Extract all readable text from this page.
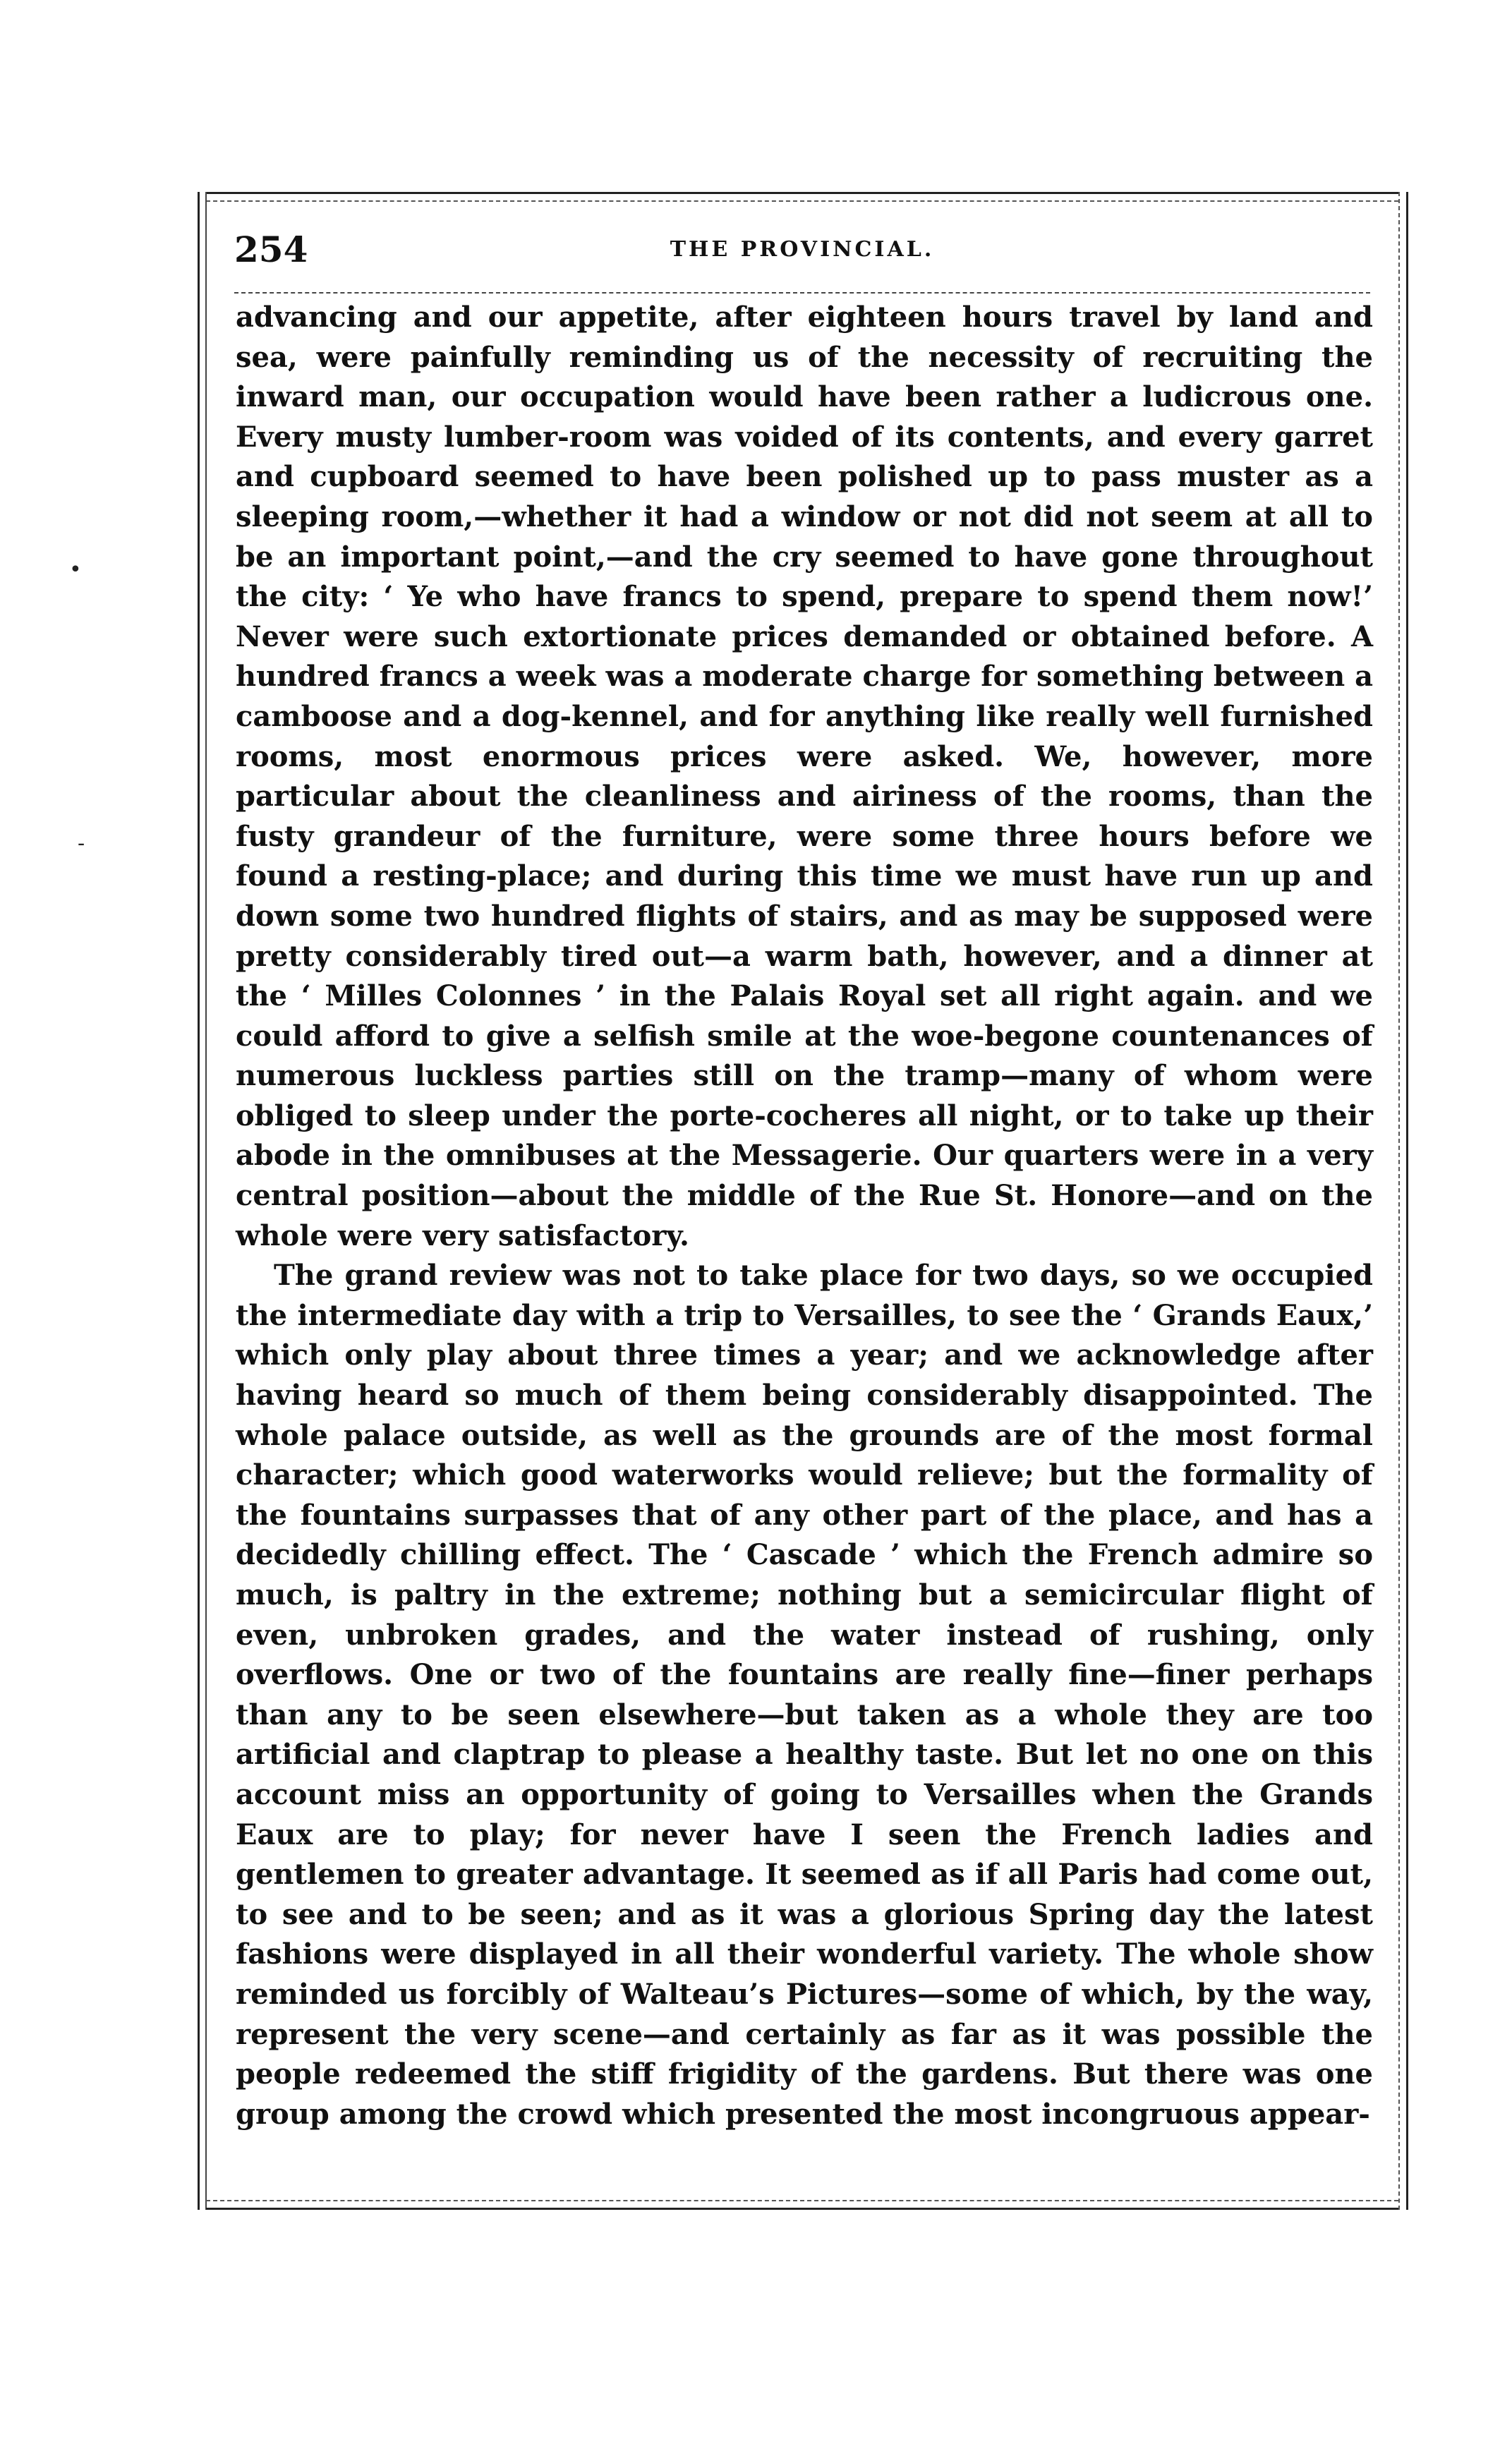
254	THE PROVINCIAL.

advancing and our appetite, after eighteen hours travel by land and sea, were painfully reminding us of the necessity of recruiting the inward man, our occupation would have been rather a ludicrous one. Every musty lumber-room was voided of its contents, and every garret and cupboard seemed to have been polished up to pass muster as a sleeping room,—whether it had a window or not did not seem at all to be an important point,—and the cry seemed to have gone throughout the city: ‘ Ye who have francs to spend, prepare to spend them now!’ Never were such extortionate prices demanded or obtained before. A hundred francs a week was a moderate charge for something between a camboose and a dog-kennel, and for anything like really well furnished rooms, most enormous prices were asked. We, however, more particular about the cleanliness and airiness of the rooms, than the fusty grandeur of the furniture, were some three hours before we found a resting-place; and during this time we must have run up and down some two hundred flights of stairs, and as may be supposed were pretty considerably tired out—a warm bath, however, and a dinner at the ‘ Milles Colonnes ’ in the Palais Royal set all right again. and we could afford to give a selfish smile at the woe-begone countenances of numerous luckless parties still on the tramp—many of whom were obliged to sleep under the porte-cocheres all night, or to take up their abode in the omnibuses at the Messagerie. Our quarters were in a very central position—about the middle of the Rue St. Honore—and on the whole were very satisfactory.

The grand review was not to take place for two days, so we occupied the intermediate day with a trip to Versailles, to see the ‘ Grands Eaux,’ which only play about three times a year; and we acknowledge after having heard so much of them being considerably disappointed. The whole palace outside, as well as the grounds are of the most formal character; which good waterworks would relieve; but the formality of the fountains surpasses that of any other part of the place, and has a decidedly chilling effect. The ‘ Cascade ’ which the French admire so much, is paltry in the extreme; nothing but a semicircular flight of even, unbroken grades, and the water instead of rushing, only overflows. One or two of the fountains are really fine—finer perhaps than any to be seen elsewhere—but taken as a whole they are too artificial and claptrap to please a healthy taste. But let no one on this account miss an opportunity of going to Versailles when the Grands Eaux are to play; for never have I seen the French ladies and gentlemen to greater advantage. It seemed as if all Paris had come out, to see and to be seen; and as it was a glorious Spring day the latest fashions were displayed in all their wonderful variety. The whole show reminded us forcibly of Walteau’s Pictures—some of which, by the way, represent the very scene—and certainly as far as it was possible the people redeemed the stiff frigidity of the gardens. But there was one group among the crowd which presented the most incongruous appear-

•
-
